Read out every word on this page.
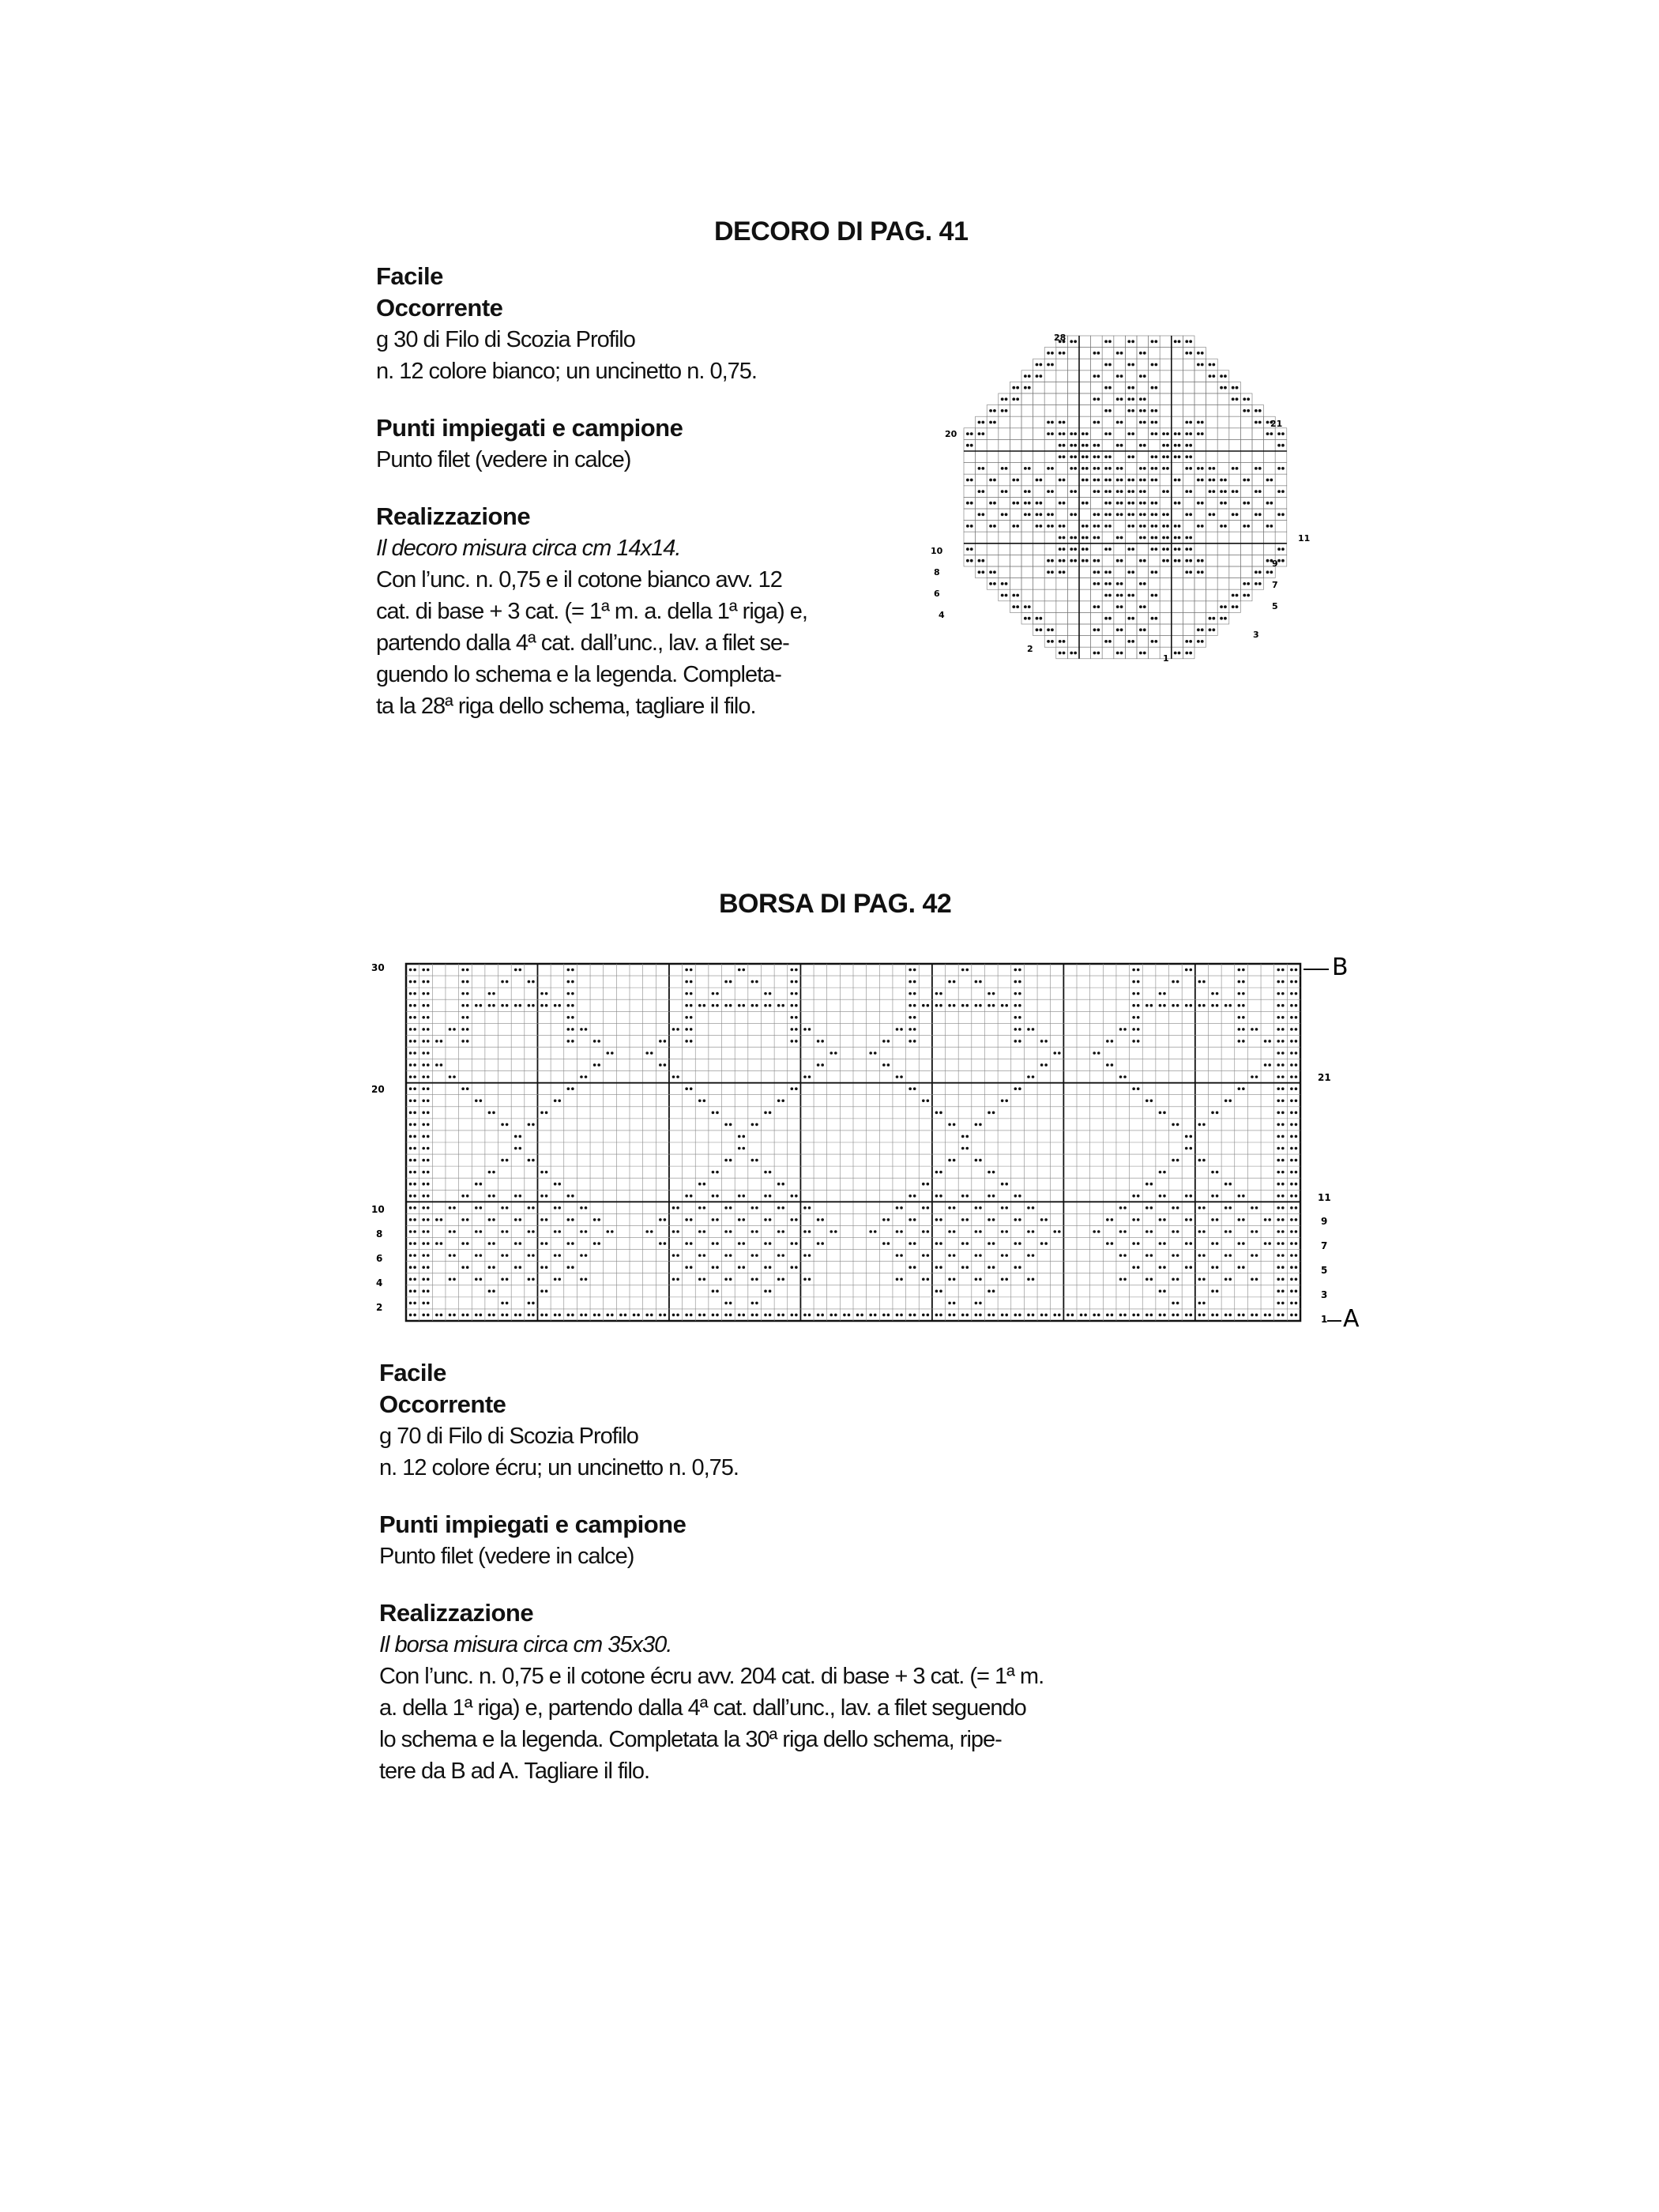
DECORO DI PAG. 41
Facile
Occorrente
g 30 di Filo di Scozia Profilo
n. 12 colore bianco; un uncinetto n. 0,75.
Punti impiegati e campione
Punto filet (vedere in calce)
Realizzazione
Il decoro misura circa cm 14x14.
Con l’unc. n. 0,75 e il cotone bianco avv. 12
cat. di base + 3 cat. (= 1ª m. a. della 1ª riga) e,
partendo dalla 4ª cat. dall’unc., lav. a filet se-
guendo lo schema e la legenda. Completa-
ta la 28ª riga dello schema, tagliare il filo.
28
20
21
11
10
8
6
4
2
9
7
5
3
1
BORSA DI PAG. 42
30
20
10
8
6
4
2
21
11
9
7
5
3
1
B
A
Facile
Occorrente
g 70 di Filo di Scozia Profilo
n. 12 colore écru; un uncinetto n. 0,75.
Punti impiegati e campione
Punto filet (vedere in calce)
Realizzazione
Il borsa misura circa cm 35x30.
Con l’unc. n. 0,75 e il cotone écru avv. 204 cat. di base + 3 cat. (= 1ª m.
a. della 1ª riga) e, partendo dalla 4ª cat. dall’unc., lav. a filet seguendo
lo schema e la legenda. Completata la 30ª riga dello schema, ripe-
tere da B ad A. Tagliare il filo.
